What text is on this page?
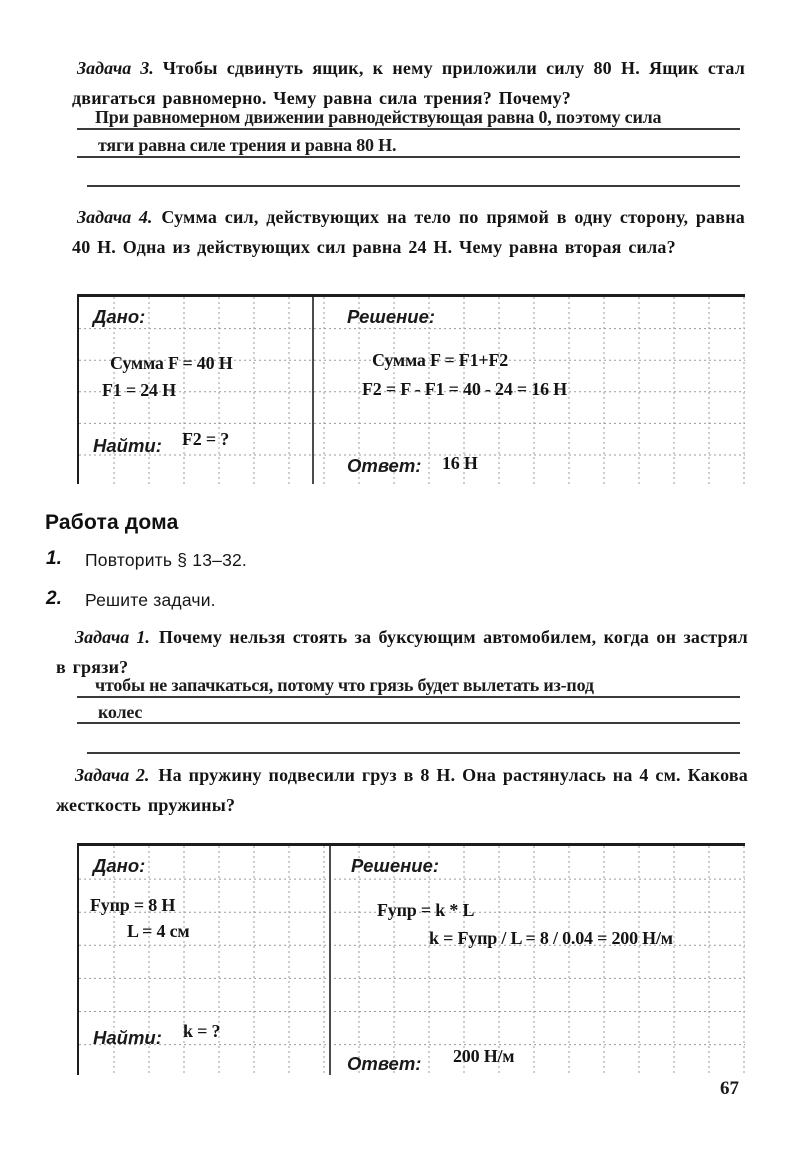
Задача 3. Чтобы сдвинуть ящик, к нему приложили силу 80 Н. Ящик стал двигаться равномерно. Чему равна сила трения? Почему?

При равномерном движении равнодействующая равна 0, поэтому сила
тяги равна силе трения и равна 80 Н.

Задача 4. Сумма сил, действующих на тело по прямой в одну сторону, равна 40 Н. Одна из действующих сил равна 24 Н. Чему равна вторая сила?

Дано:
Сумма F = 40 Н
F1 = 24 Н
Найти: F2 = ?
Решение:
Сумма F = F1+F2
F2 = F - F1 = 40 - 24 = 16 Н
Ответ: 16 Н
Работа дома
1. Повторить § 13–32.
2. Решите задачи.

Задача 1. Почему нельзя стоять за буксующим автомобилем, когда он застрял в грязи?

чтобы не запачкаться, потому что грязь будет вылетать из-под
колес

Задача 2. На пружину подвесили груз в 8 Н. Она растянулась на 4 см. Какова жесткость пружины?

Дано:
Fупр = 8 Н
L = 4 см
Найти: k = ?
Решение:
Fупр = k * L
k = Fупр / L = 8 / 0.04 = 200 Н/м
Ответ: 200 Н/м
67
